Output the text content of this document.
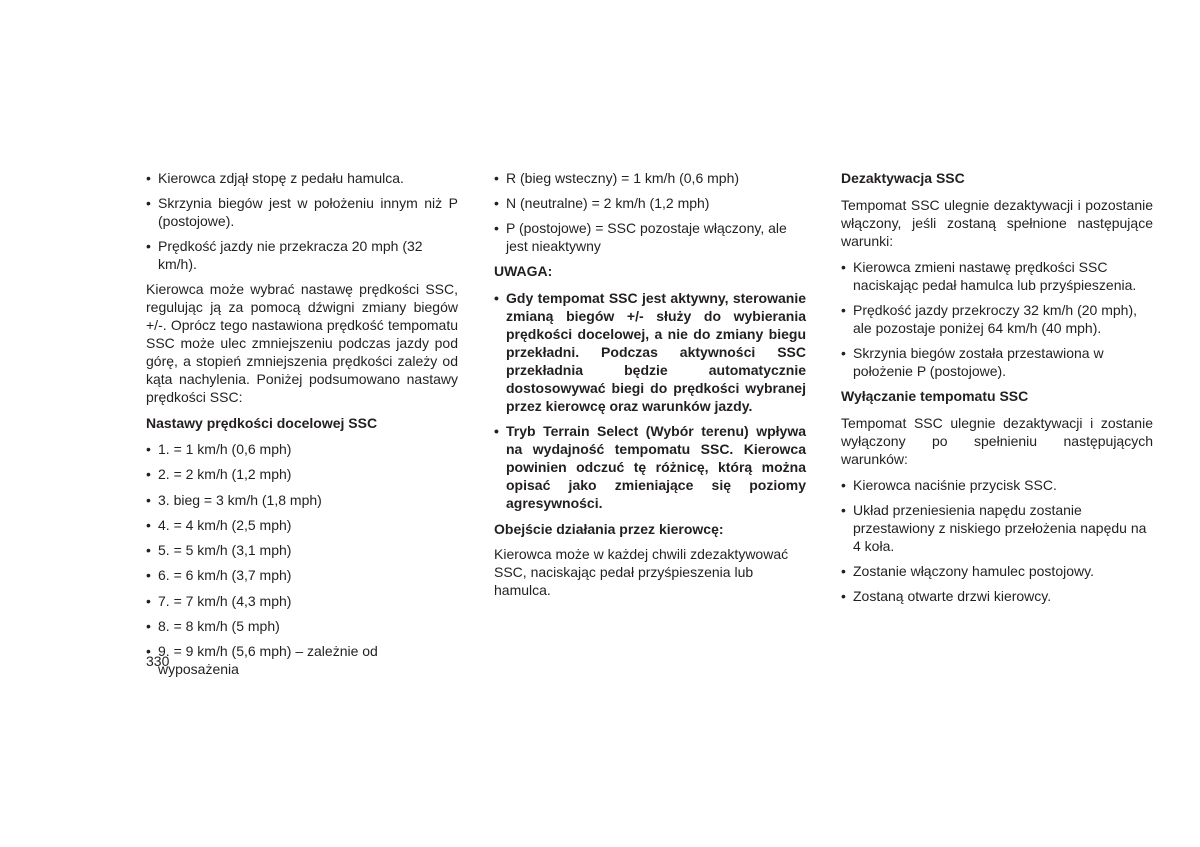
• Kierowca zdjął stopę z pedału hamulca.
• Skrzynia biegów jest w położeniu innym niż P (postojowe).
• Prędkość jazdy nie przekracza 20 mph (32 km/h).

Kierowca może wybrać nastawę prędkości SSC, regulując ją za pomocą dźwigni zmiany biegów +/-. Oprócz tego nastawiona prędkość tempomatu SSC może ulec zmniejszeniu podczas jazdy pod górę, a stopień zmniejszenia prędkości zależy od kąta nachylenia. Poniżej podsumowano nastawy prędkości SSC:

Nastawy prędkości docelowej SSC

• 1. = 1 km/h (0,6 mph)
• 2. = 2 km/h (1,2 mph)
• 3. bieg = 3 km/h (1,8 mph)
• 4. = 4 km/h (2,5 mph)
• 5. = 5 km/h (3,1 mph)
• 6. = 6 km/h (3,7 mph)
• 7. = 7 km/h (4,3 mph)
• 8. = 8 km/h (5 mph)
• 9. = 9 km/h (5,6 mph) – zależnie od wyposażenia
• R (bieg wsteczny) = 1 km/h (0,6 mph)
• N (neutralne) = 2 km/h (1,2 mph)
• P (postojowe) = SSC pozostaje włączony, ale jest nieaktywny

UWAGA:

• Gdy tempomat SSC jest aktywny, sterowanie zmianą biegów +/- służy do wybierania prędkości docelowej, a nie do zmiany biegu przekładni. Podczas aktywności SSC przekładnia będzie automatycznie dostosowywać biegi do prędkości wybranej przez kierowcę oraz warunków jazdy.
• Tryb Terrain Select (Wybór terenu) wpływa na wydajność tempomatu SSC. Kierowca powinien odczuć tę różnicę, którą można opisać jako zmieniające się poziomy agresywności.

Obejście działania przez kierowcę:

Kierowca może w każdej chwili zdezaktywować SSC, naciskając pedał przyśpieszenia lub hamulca.

Dezaktywacja SSC

Tempomat SSC ulegnie dezaktywacji i pozostanie włączony, jeśli zostaną spełnione następujące warunki:

• Kierowca zmieni nastawę prędkości SSC naciskając pedał hamulca lub przyśpieszenia.
• Prędkość jazdy przekroczy 32 km/h (20 mph), ale pozostaje poniżej 64 km/h (40 mph).
• Skrzynia biegów została przestawiona w położenie P (postojowe).

Wyłączanie tempomatu SSC

Tempomat SSC ulegnie dezaktywacji i zostanie wyłączony po spełnieniu następujących warunków:

• Kierowca naciśnie przycisk SSC.
• Układ przeniesienia napędu zostanie przestawiony z niskiego przełożenia napędu na 4 koła.
• Zostanie włączony hamulec postojowy.
• Zostaną otwarte drzwi kierowcy.
330
